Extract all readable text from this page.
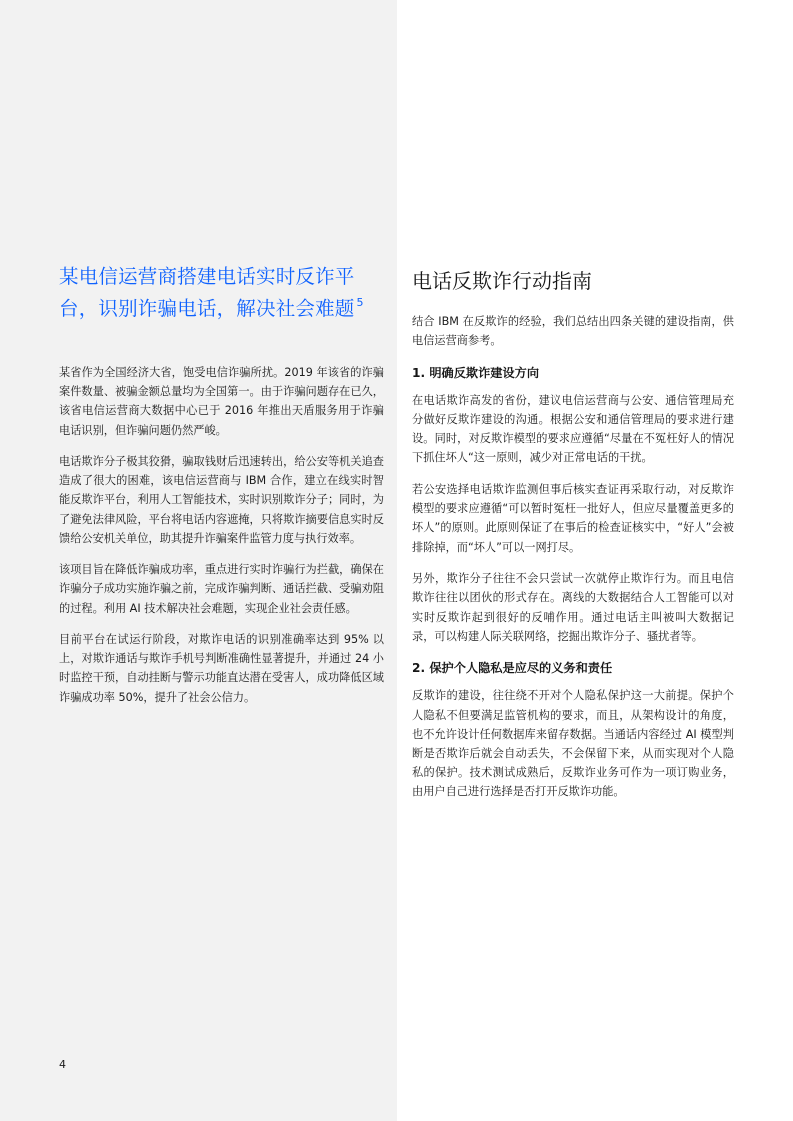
某电信运营商搭建电话实时反诈平台，识别诈骗电话，解决社会难题 $^5$

某省作为全国经济大省，饱受电信诈骗所扰。2019 年该省的诈骗案件数量、被骗金额总量均为全国第一。由于诈骗问题存在已久，该省电信运营商大数据中心已于 2016 年推出天盾服务用于诈骗电话识别，但诈骗问题仍然严峻。

电话欺诈分子极其狡猾，骗取钱财后迅速转出，给公安等机关追查造成了很大的困难，该电信运营商与 IBM 合作，建立在线实时智能反欺诈平台，利用人工智能技术，实时识别欺诈分子；同时，为了避免法律风险，平台将电话内容遮掩，只将欺诈摘要信息实时反馈给公安机关单位，助其提升诈骗案件监管力度与执行效率。

该项目旨在降低诈骗成功率，重点进行实时诈骗行为拦截，确保在诈骗分子成功实施诈骗之前，完成诈骗判断、通话拦截、受骗劝阻的过程。利用 AI 技术解决社会难题，实现企业社会责任感。

目前平台在试运行阶段，对欺诈电话的识别准确率达到 95% 以上，对欺诈通话与欺诈手机号判断准确性显著提升，并通过 24 小时监控干预，自动挂断与警示功能直达潜在受害人，成功降低区域诈骗成功率 50%，提升了社会公信力。

电话反欺诈行动指南

结合 IBM 在反欺诈的经验，我们总结出四条关键的建设指南，供电信运营商参考。

1. 明确反欺诈建设方向

在电话欺诈高发的省份，建议电信运营商与公安、通信管理局充分做好反欺诈建设的沟通。根据公安和通信管理局的要求进行建设。同时，对反欺诈模型的要求应遵循“尽量在不冤枉好人的情况下抓住坏人“这一原则，减少对正常电话的干扰。

若公安选择电话欺诈监测但事后核实查证再采取行动，对反欺诈模型的要求应遵循“可以暂时冤枉一批好人，但应尽量覆盖更多的坏人”的原则。此原则保证了在事后的检查证核实中，“好人”会被排除掉，而“坏人”可以一网打尽。

另外，欺诈分子往往不会只尝试一次就停止欺诈行为。而且电信欺诈往往以团伙的形式存在。离线的大数据结合人工智能可以对实时反欺诈起到很好的反哺作用。通过电话主叫被叫大数据记录，可以构建人际关联网络，挖掘出欺诈分子、骚扰者等。

2. 保护个人隐私是应尽的义务和责任

反欺诈的建设，往往绕不开对个人隐私保护这一大前提。保护个人隐私不但要满足监管机构的要求，而且，从架构设计的角度，也不允许设计任何数据库来留存数据。当通话内容经过 AI 模型判断是否欺诈后就会自动丢失，不会保留下来，从而实现对个人隐私的保护。技术测试成熟后，反欺诈业务可作为一项订购业务，由用户自己进行选择是否打开反欺诈功能。

4
